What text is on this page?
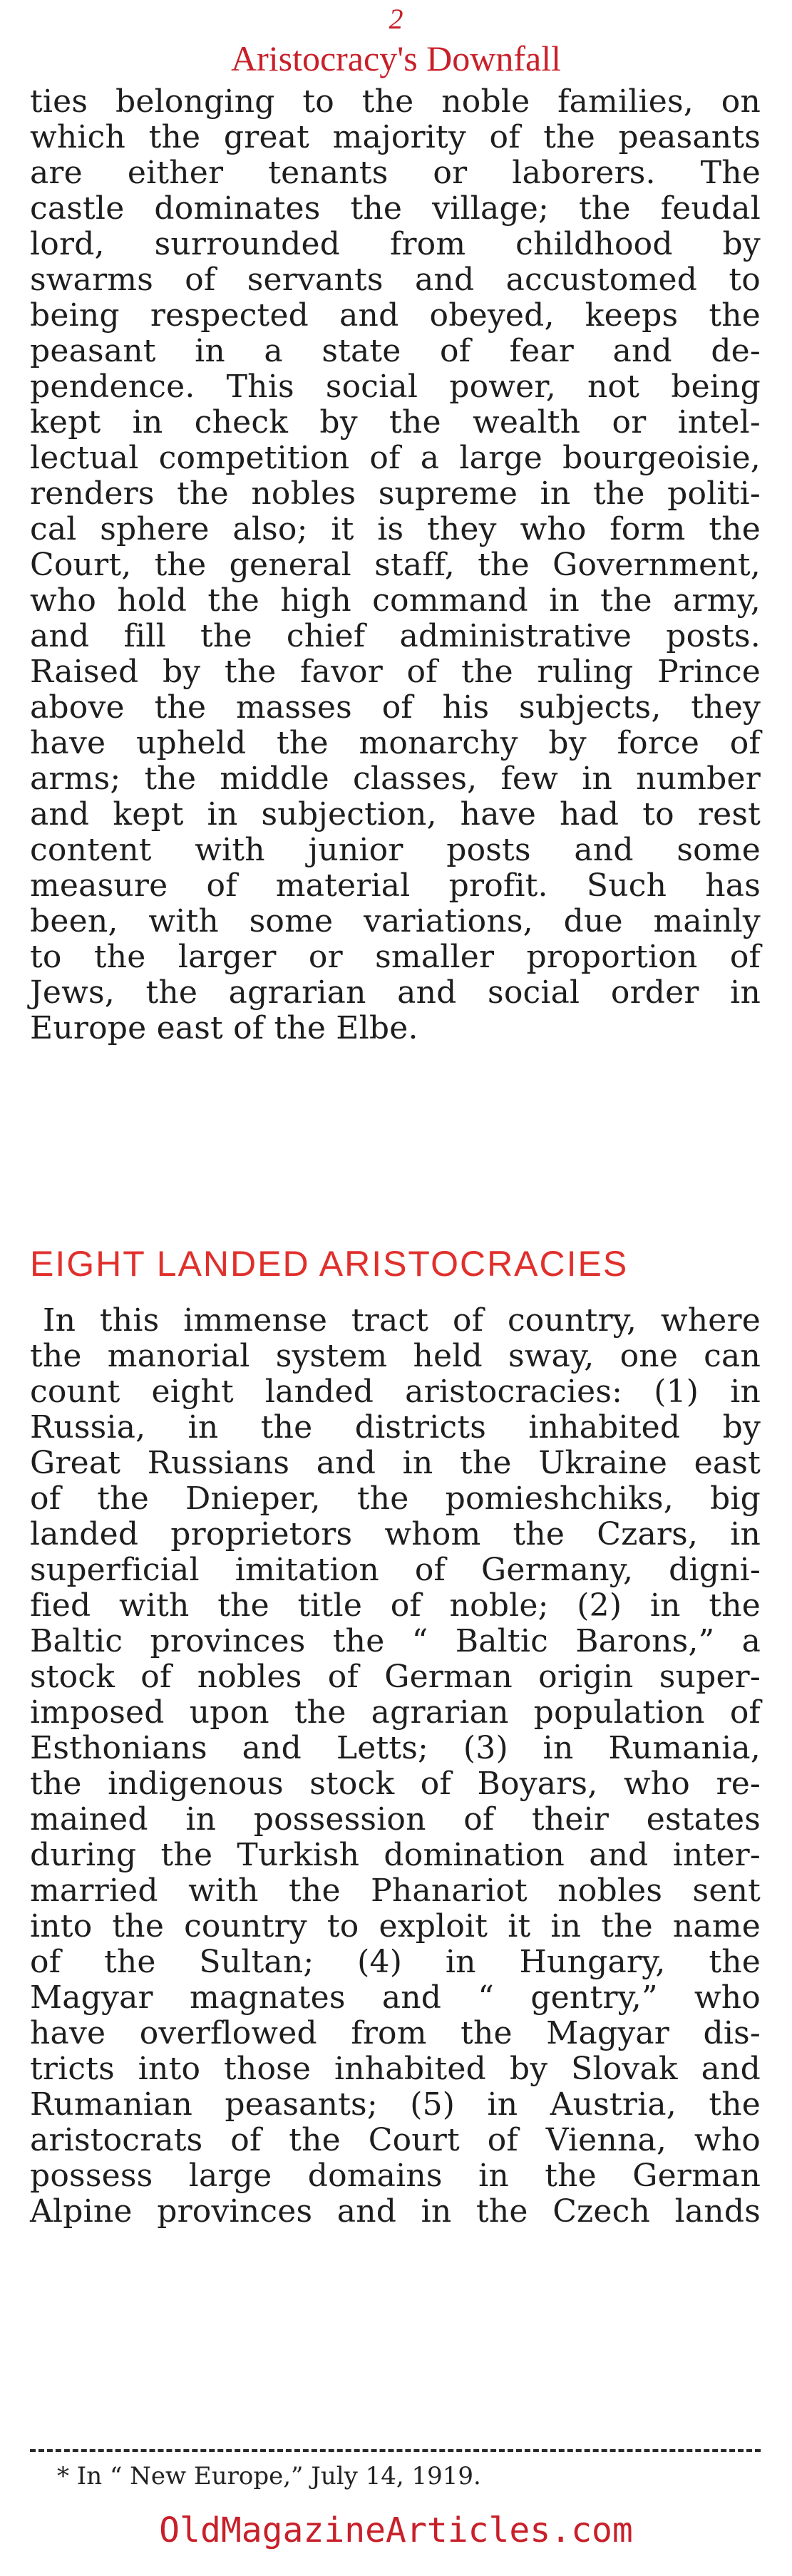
2
Aristocracy's Downfall
ties belonging to the noble families, on
which the great majority of the peasants
are either tenants or laborers. The
castle dominates the village; the feudal
lord, surrounded from childhood by
swarms of servants and accustomed to
being respected and obeyed, keeps the
peasant in a state of fear and de-
pendence. This social power, not being
kept in check by the wealth or intel-
lectual competition of a large bourgeoisie,
renders the nobles supreme in the politi-
cal sphere also; it is they who form the
Court, the general staff, the Government,
who hold the high command in the army,
and fill the chief administrative posts.
Raised by the favor of the ruling Prince
above the masses of his subjects, they
have upheld the monarchy by force of
arms; the middle classes, few in number
and kept in subjection, have had to rest
content with junior posts and some
measure of material profit. Such has
been, with some variations, due mainly
to the larger or smaller proportion of
Jews, the agrarian and social order in
Europe east of the Elbe.
EIGHT LANDED ARISTOCRACIES
In this immense tract of country, where
the manorial system held sway, one can
count eight landed aristocracies: (1) in
Russia, in the districts inhabited by
Great Russians and in the Ukraine east
of the Dnieper, the pomieshchiks, big
landed proprietors whom the Czars, in
superficial imitation of Germany, digni-
fied with the title of noble; (2) in the
Baltic provinces the “ Baltic Barons,” a
stock of nobles of German origin super-
imposed upon the agrarian population of
Esthonians and Letts; (3) in Rumania,
the indigenous stock of Boyars, who re-
mained in possession of their estates
during the Turkish domination and inter-
married with the Phanariot nobles sent
into the country to exploit it in the name
of the Sultan; (4) in Hungary, the
Magyar magnates and “ gentry,” who
have overflowed from the Magyar dis-
tricts into those inhabited by Slovak and
Rumanian peasants; (5) in Austria, the
aristocrats of the Court of Vienna, who
possess large domains in the German
Alpine provinces and in the Czech lands
* In “ New Europe,” July 14, 1919.
OldMagazineArticles.com
